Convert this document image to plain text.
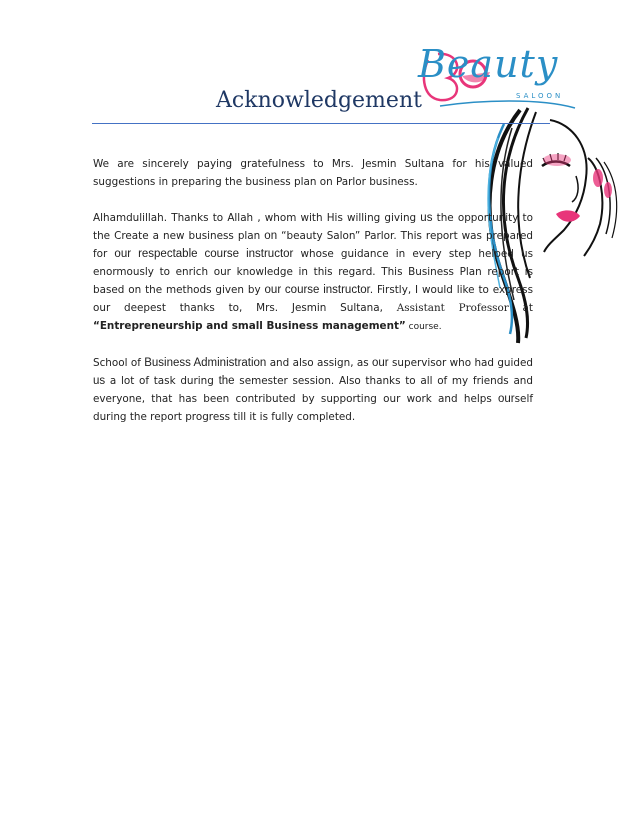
Beauty
SALOON
Acknowledgement

We are sincerely paying gratefulness to Mrs. Jesmin Sultana for his valued suggestions in preparing the business plan on Parlor business.

Alhamdulillah. Thanks to Allah , whom with His willing giving us the opportunity to the Create a new business plan on “beauty Salon” Parlor. This report was prepared for our respectable course instructor whose guidance in every step helped us enormously to enrich our knowledge in this regard. This Business Plan report is based on the methods given by our course instructor. Firstly, I would like to express our deepest thanks to, Mrs. Jesmin Sultana, Assistant Professor at “Entrepreneurship and small Business management” course.

School of Business Administration and also assign, as our supervisor who had guided us a lot of task during the semester session. Also thanks to all of my friends and everyone, that has been contributed by supporting our work and helps ourself during the report progress till it is fully completed.
